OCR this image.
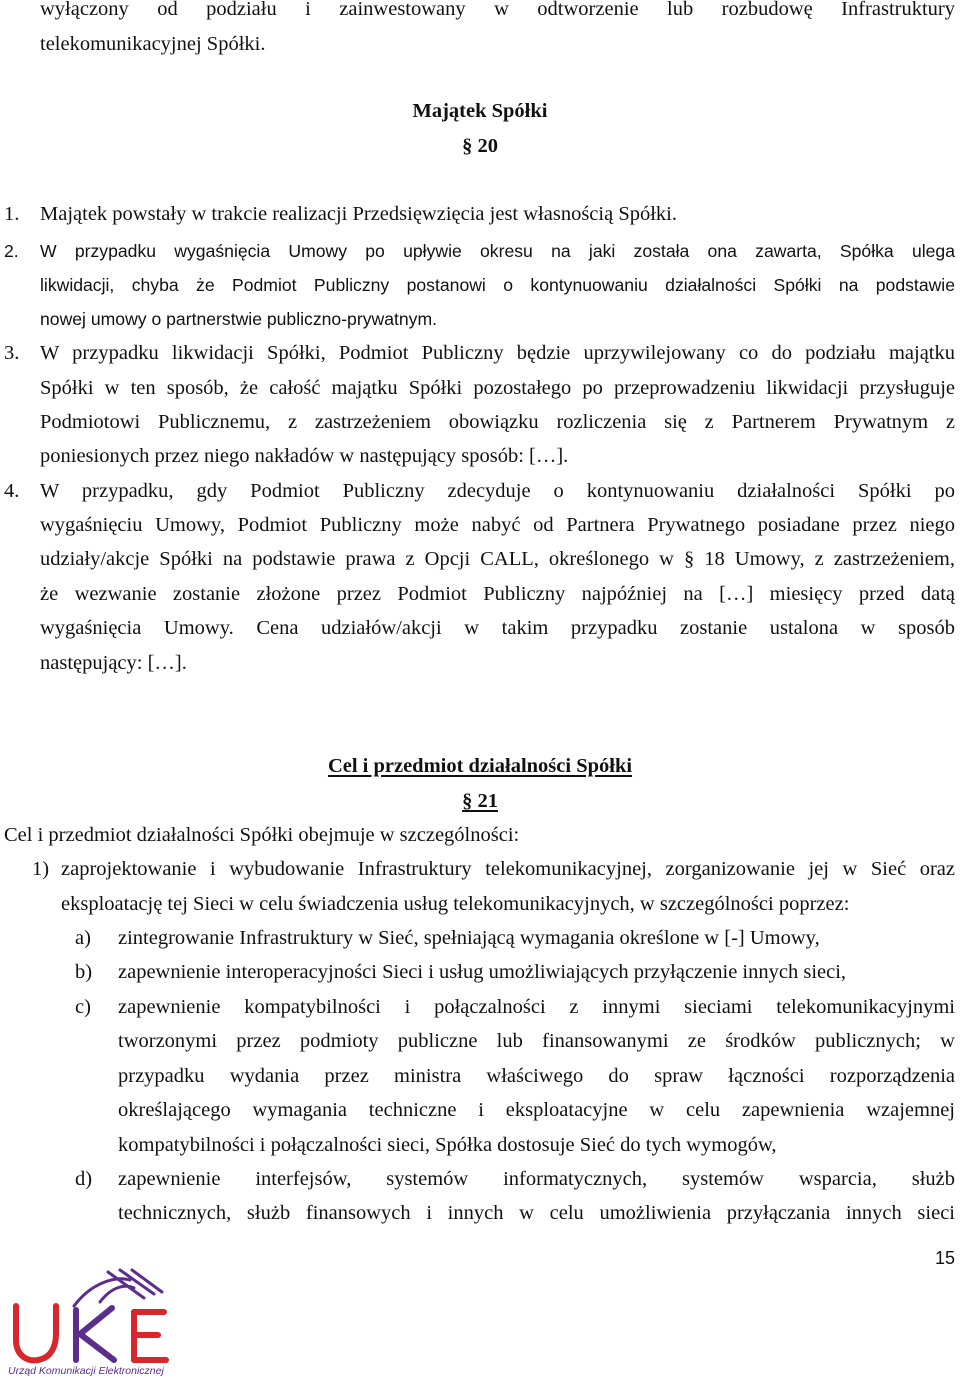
wyłączony od podziału i zainwestowany w odtworzenie lub rozbudowę Infrastruktury
telekomunikacyjnej Spółki.
Majątek Spółki
§ 20
1. Majątek powstały w trakcie realizacji Przedsięwzięcia jest własnością Spółki.
2. W przypadku wygaśnięcia Umowy po upływie okresu na jaki została ona zawarta, Spółka ulega
likwidacji, chyba że Podmiot Publiczny postanowi o kontynuowaniu działalności Spółki na podstawie
nowej umowy o partnerstwie publiczno-prywatnym.
3. W przypadku likwidacji Spółki, Podmiot Publiczny będzie uprzywilejowany co do podziału majątku
Spółki w ten sposób, że całość majątku Spółki pozostałego po przeprowadzeniu likwidacji przysługuje
Podmiotowi Publicznemu, z zastrzeżeniem obowiązku rozliczenia się z Partnerem Prywatnym z
poniesionych przez niego nakładów w następujący sposób: […].
4. W przypadku, gdy Podmiot Publiczny zdecyduje o kontynuowaniu działalności Spółki po
wygaśnięciu Umowy, Podmiot Publiczny może nabyć od Partnera Prywatnego posiadane przez niego
udziały/akcje Spółki na podstawie prawa z Opcji CALL, określonego w § 18 Umowy, z zastrzeżeniem,
że wezwanie zostanie złożone przez Podmiot Publiczny najpóźniej na […] miesięcy przed datą
wygaśnięcia Umowy. Cena udziałów/akcji w takim przypadku zostanie ustalona w sposób
następujący: […].
Cel i przedmiot działalności Spółki
§ 21
Cel i przedmiot działalności Spółki obejmuje w szczególności:
1) zaprojektowanie i wybudowanie Infrastruktury telekomunikacyjnej, zorganizowanie jej w Sieć oraz
eksploatację tej Sieci w celu świadczenia usług telekomunikacyjnych, w szczególności poprzez:
a) zintegrowanie Infrastruktury w Sieć, spełniającą wymagania określone w [-] Umowy,
b) zapewnienie interoperacyjności Sieci i usług umożliwiających przyłączenie innych sieci,
c) zapewnienie kompatybilności i połączalności z innymi sieciami telekomunikacyjnymi
tworzonymi przez podmioty publiczne lub finansowanymi ze środków publicznych; w
przypadku wydania przez ministra właściwego do spraw łączności rozporządzenia
określającego wymagania techniczne i eksploatacyjne w celu zapewnienia wzajemnej
kompatybilności i połączalności sieci, Spółka dostosuje Sieć do tych wymogów,
d) zapewnienie interfejsów, systemów informatycznych, systemów wsparcia, służb
technicznych, służb finansowych i innych w celu umożliwienia przyłączania innych sieci
15
Urząd Komunikacji Elektronicznej
